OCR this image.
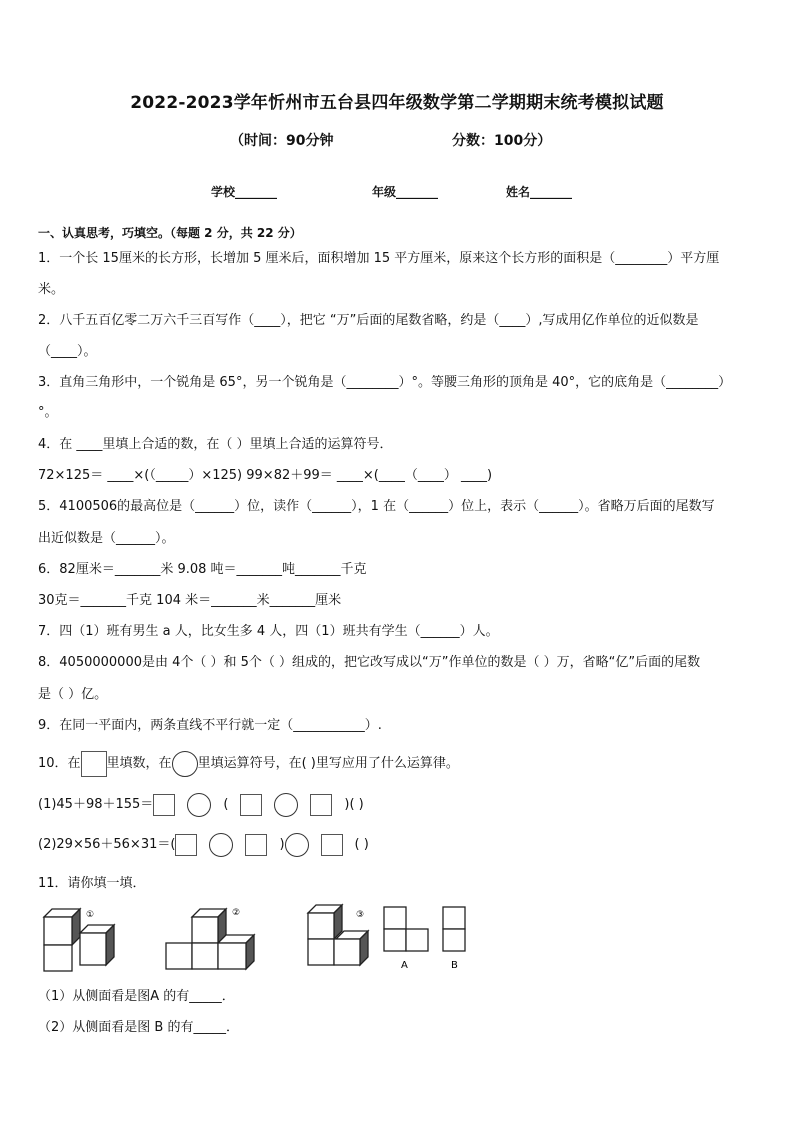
2022-2023学年忻州市五台县四年级数学第二学期期末统考模拟试题
（时间：90分钟	分数：100分）
学校_______	年级_______	姓名_______
一、认真思考，巧填空。（每题 2 分，共 22 分）
1．一个长 15厘米的长方形，长增加 5 厘米后，面积增加 15 平方厘米，原来这个长方形的面积是（________）平方厘
米。
2．八千五百亿零二万六千三百写作（____），把它 “万”后面的尾数省略，约是（____）,写成用亿作单位的近似数是
（____）。
3．直角三角形中，一个锐角是 65°，另一个锐角是（________）°。等腰三角形的顶角是 40°，它的底角是（________）
°。
4．在 ____里填上合适的数，在（ ）里填上合适的运算符号．
72×125＝ ____×(（_____）×125) 99×82＋99＝ ____×(____（____） ____)
5．4100506的最高位是（______）位，读作（______），1 在（______）位上，表示（______）。省略万后面的尾数写
出近似数是（______）。
6．82厘米＝_______米 9.08 吨＝_______吨_______千克
30克＝_______千克 104 米＝_______米_______厘米
7．四（1）班有男生 a 人，比女生多 4 人，四（1）班共有学生（______）人。
8．4050000000是由 4个（ ）和 5个（ ）组成的，把它改写成以“万”作单位的数是（ ）万，省略“亿”后面的尾数
是（ ）亿。
9．在同一平面内，两条直线不平行就一定（___________）.
10．在 里填数，在 里填运算符号，在( )里写应用了什么运算律。
(1)45＋98＋155＝	(	)( )
(2)29×56＋56×31＝(	)	( )
11．请你填一填．
①	②	③
A	B
（1）从侧面看是图A 的有_____．
（2）从侧面看是图 B 的有_____．
